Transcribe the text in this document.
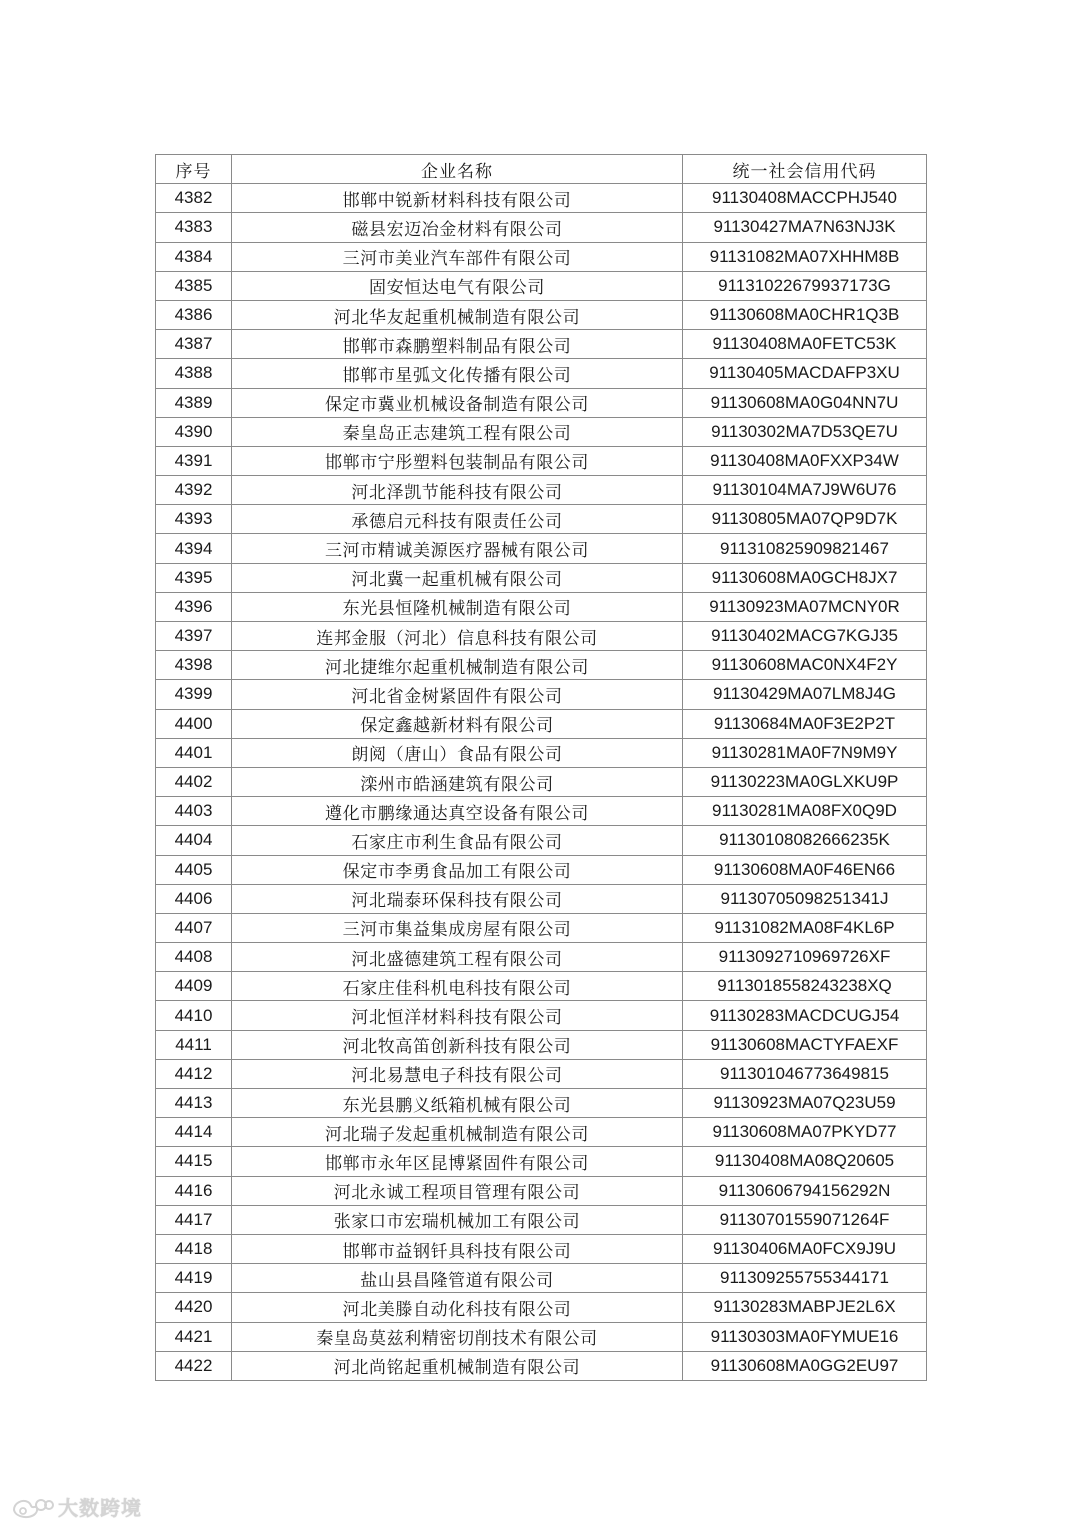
序号	企业名称	统一社会信用代码
4382	邯郸中锐新材料科技有限公司	91130408MACCPHJ540
4383	磁县宏迈冶金材料有限公司	91130427MA7N63NJ3K
4384	三河市美业汽车部件有限公司	91131082MA07XHHM8B
4385	固安恒达电气有限公司	91131022679937173G
4386	河北华友起重机械制造有限公司	91130608MA0CHR1Q3B
4387	邯郸市森鹏塑料制品有限公司	91130408MA0FETC53K
4388	邯郸市星弧文化传播有限公司	91130405MACDAFP3XU
4389	保定市冀业机械设备制造有限公司	91130608MA0G04NN7U
4390	秦皇岛正志建筑工程有限公司	91130302MA7D53QE7U
4391	邯郸市宁彤塑料包装制品有限公司	91130408MA0FXXP34W
4392	河北泽凯节能科技有限公司	91130104MA7J9W6U76
4393	承德启元科技有限责任公司	91130805MA07QP9D7K
4394	三河市精诚美源医疗器械有限公司	91131082590982146​7
4395	河北冀一起重机械有限公司	91130608MA0GCH8JX7
4396	东光县恒隆机械制造有限公司	91130923MA07MCNY0R
4397	连邦金服（河北）信息科技有限公司	91130402MACG7KGJ35
4398	河北捷维尔起重机械制造有限公司	91130608MAC0NX4F2Y
4399	河北省金树紧固件有限公司	91130429MA07LM8J4G
4400	保定鑫越新材料有限公司	91130684MA0F3E2P2T
4401	朗阅（唐山）食品有限公司	91130281MA0F7N9M9Y
4402	滦州市皓涵建筑有限公司	91130223MA0GLXKU9P
4403	遵化市鹏缘通达真空设备有限公司	91130281MA08FX0Q9D
4404	石家庄市利生食品有限公司	9113010808266623​5K
4405	保定市李勇食品加工有限公司	91130608MA0F46EN66
4406	河北瑞泰环保科技有限公司	9113070509825134​1J
4407	三河市集益集成房屋有限公司	91131082MA08F4KL6P
4408	河北盛德建筑工程有限公司	9113092710969726XF
4409	石家庄佳科机电科技有限公司	9113018558243238XQ
4410	河北恒洋材料科技有限公司	91130283MACDCUGJ54
4411	河北牧高笛创新科技有限公司	91130608MACTYFAEXF
4412	河北易慧电子科技有限公司	911301046773649815
4413	东光县鹏义纸箱机械有限公司	91130923MA07Q23U59
4414	河北瑞子发起重机械制造有限公司	91130608MA07PKYD77
4415	邯郸市永年区昆博紧固件有限公司	91130408MA08Q20605
4416	河北永诚工程项目管理有限公司	91130606794156292N
4417	张家口市宏瑞机械加工有限公司	91130701559071264F
4418	邯郸市益钢钎具科技有限公司	91130406MA0FCX9J9U
4419	盐山县昌隆管道有限公司	911309255755344171
4420	河北美滕自动化科技有限公司	91130283MABPJE2L6X
4421	秦皇岛莫兹利精密切削技术有限公司	91130303MA0FYMUE16
4422	河北尚铭起重机械制造有限公司	91130608MA0GG2EU97
大数跨境
